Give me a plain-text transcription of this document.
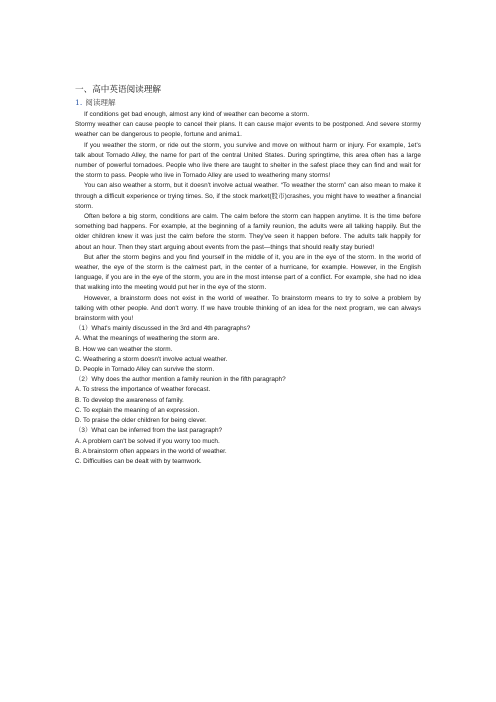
一、高中英语阅读理解
1. 阅读理解

If conditions get bad enough, almost any kind of weather can become a storm.

Stormy weather can cause people to cancel their plans. It can cause major events to be postponed. And severe stormy weather can be dangerous to people, fortune and anima1.

If you weather the storm, or ride out the storm, you survive and move on without harm or injury. For example, 1et's talk about Tornado Alley, the name for part of the central United States. During springtime, this area often has a large number of powerful tornadoes. People who live there are taught to shelter in the safest place they can find and wait for the storm to pass. People who live in Tornado Alley are used to weathering many storms!

You can also weather a storm, but it doesn't involve actual weather. “To weather the storm” can also mean to make it through a difficult experience or trying times. So, if the stock market(股市)crashes, you might have to weather a financial storm.

Often before a big storm, conditions are calm. The calm before the storm can happen anytime. It is the time before something bad happens. For example, at the beginning of a family reunion, the adults were all talking happily. But the older children knew it was just the calm before the storm. They've seen it happen before. The adults talk happily for about an hour. Then they start arguing about events from the past—things that should really stay buried!

But after the storm begins and you find yourself in the middle of it, you are in the eye of the storm. In the world of weather, the eye of the storm is the calmest part, in the center of a hurricane, for example. However, in the English language, if you are in the eye of the storm, you are in the most intense part of a conflict. For example, she had no idea that walking into the meeting would put her in the eye of the storm.

However, a brainstorm does not exist in the world of weather. To brainstorm means to try to solve a problem by talking with other people. And don't worry. If we have trouble thinking of an idea for the next program, we can always brainstorm with you!

（1）What's mainly discussed in the 3rd and 4th paragraphs?

A. What the meanings of weathering the storm are.

B. How we can weather the storm.

C. Weathering a storm doesn't involve actual weather.

D. People in Tornado Alley can survive the storm.

（2）Why does the author mention a family reunion in the fifth paragraph?

A. To stress the importance of weather forecast.

B. To develop the awareness of family.

C. To explain the meaning of an expression.

D. To praise the older children for being clever.

（3）What can be inferred from the last paragraph?

A. A problem can't be solved if you worry too much.

B. A brainstorm often appears in the world of weather.

C. Difficulties can be dealt with by teamwork.
